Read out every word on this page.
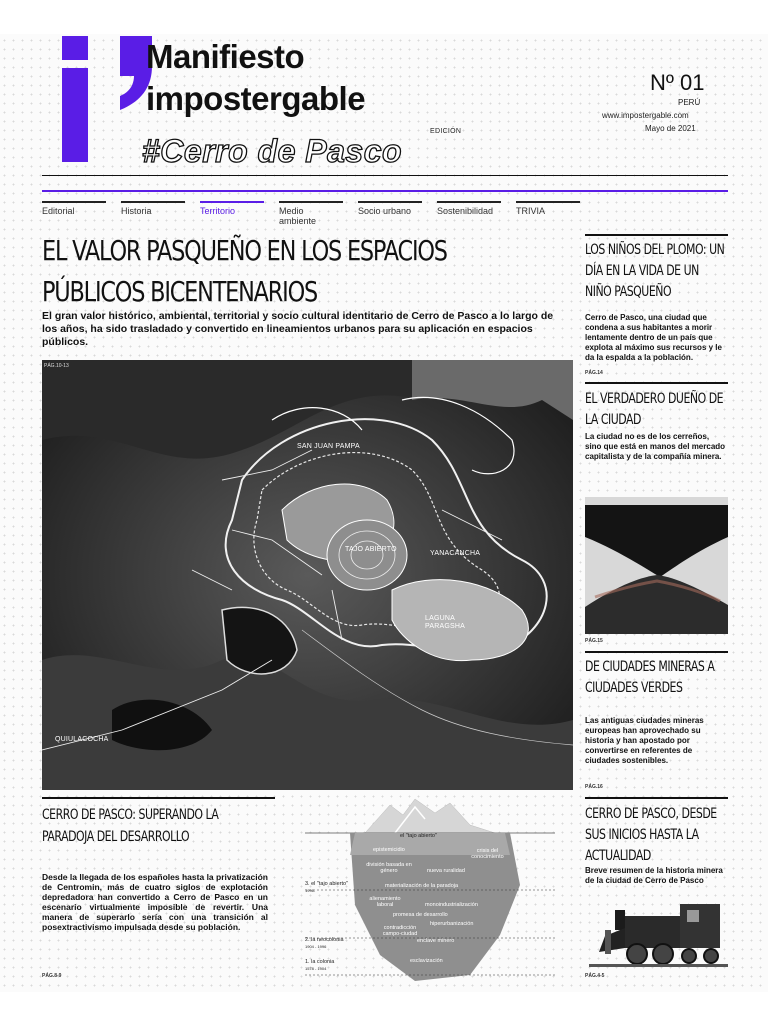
Manifiesto
impostergable
EDICIÓN
#Cerro de Pasco
Nº 01
PERÚ
www.impostergable.com
Mayo de 2021
Editorial	Historia	Territorio	Medio ambiente
Socio urbano	Sostenibilidad	TRIVIA
EL VALOR PASQUEÑO EN LOS ESPACIOS
PÚBLICOS BICENTENARIOS
El gran valor histórico, ambiental, territorial y socio cultural identitario de Cerro de Pasco a lo largo de los años, ha sido trasladado y convertido en lineamientos urbanos para su aplicación en espacios públicos.
PÁG.10-13
SAN JUAN PAMPA
TAJO ABIERTO
YANACANCHA
LAGUNA
PARAGSHA
QUIULACOCHA
LOS NIÑOS DEL PLOMO: UN DÍA EN LA VIDA DE UN NIÑO PASQUEÑO
Cerro de Pasco, una ciudad que condena a sus habitantes a morir lentamente dentro de un país que explota al máximo sus recursos y le da la espalda a la población.
PÁG.14
EL VERDADERO DUEÑO DE LA CIUDAD
La ciudad no es de los cerreños, sino que está en manos del mercado capitalista y de la compañía minera.
PÁG.15
DE CIUDADES MINERAS A CIUDADES VERDES
Las antiguas ciudades mineras europeas han aprovechado su historia y han apostado por convertirse en referentes de ciudades sostenibles.
PÁG.16
CERRO DE PASCO, DESDE SUS INICIOS HASTA LA ACTUALIDAD
Breve resumen de la historia minera de la ciudad de Cerro de Pasco
PÁG.4-5
CERRO DE PASCO: SUPERANDO LA
PARADOJA DEL DESARROLLO
Desde la llegada de los españoles hasta la privatización de Centromin, más de cuatro siglos de explotación depredadora han convertido a Cerro de Pasco en un escenario virtualmente imposible de revertir. Una manera de superarlo sería con una transición al posextractivismo impulsada desde su población.
PÁG.8-9
el "tajo abierto"
3. el "tajo abierto"
1996-
2. la neocolonia
1904 - 1996
1. la colonia
1578 - 1904
epistemicidio	crisis del conocimiento
división basada en género	nueva ruralidad
materialización de la paradoja
alienamiento laboral	monoindustrialización
promesa de desarrollo
hiperurbanización
contradicción campo-ciudad
enclave minero
esclavización
